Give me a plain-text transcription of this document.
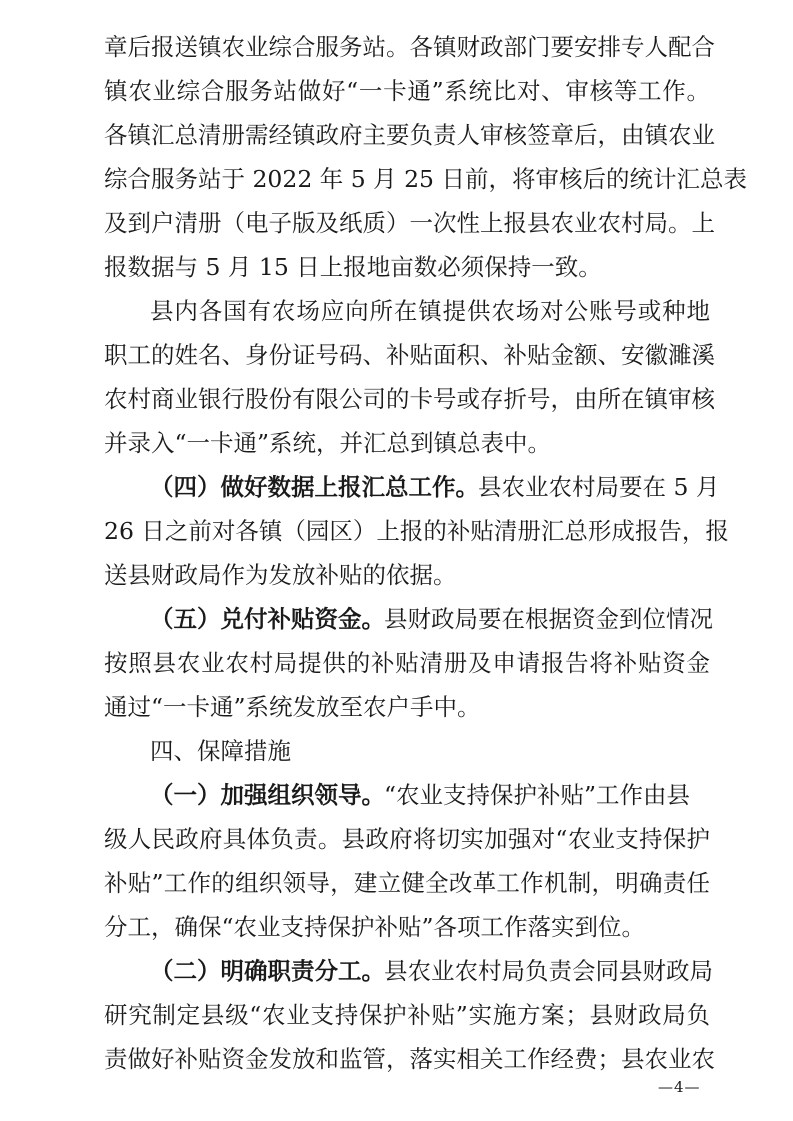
章后报送镇农业综合服务站。各镇财政部门要安排专人配合
镇农业综合服务站做好“一卡通”系统比对、审核等工作。
各镇汇总清册需经镇政府主要负责人审核签章后，由镇农业
综合服务站于 2022 年 5 月 25 日前，将审核后的统计汇总表
及到户清册（电子版及纸质）一次性上报县农业农村局。上
报数据与 5 月 15 日上报地亩数必须保持一致。
县内各国有农场应向所在镇提供农场对公账号或种地
职工的姓名、身份证号码、补贴面积、补贴金额、安徽濉溪
农村商业银行股份有限公司的卡号或存折号，由所在镇审核
并录入“一卡通”系统，并汇总到镇总表中。
（四）做好数据上报汇总工作。 县农业农村局要在 5 月
26 日之前对各镇（园区）上报的补贴清册汇总形成报告，报
送县财政局作为发放补贴的依据。
（五）兑付补贴资金。 县财政局要在根据资金到位情况
按照县农业农村局提供的补贴清册及申请报告将补贴资金
通过“一卡通”系统发放至农户手中。
四、保障措施
（一）加强组织领导。 “农业支持保护补贴”工作由县
级人民政府具体负责。县政府将切实加强对“农业支持保护
补贴”工作的组织领导，建立健全改革工作机制，明确责任
分工，确保“农业支持保护补贴”各项工作落实到位。
（二）明确职责分工。 县农业农村局负责会同县财政局
研究制定县级“农业支持保护补贴”实施方案；县财政局负
责做好补贴资金发放和监管，落实相关工作经费；县农业农
—4—
